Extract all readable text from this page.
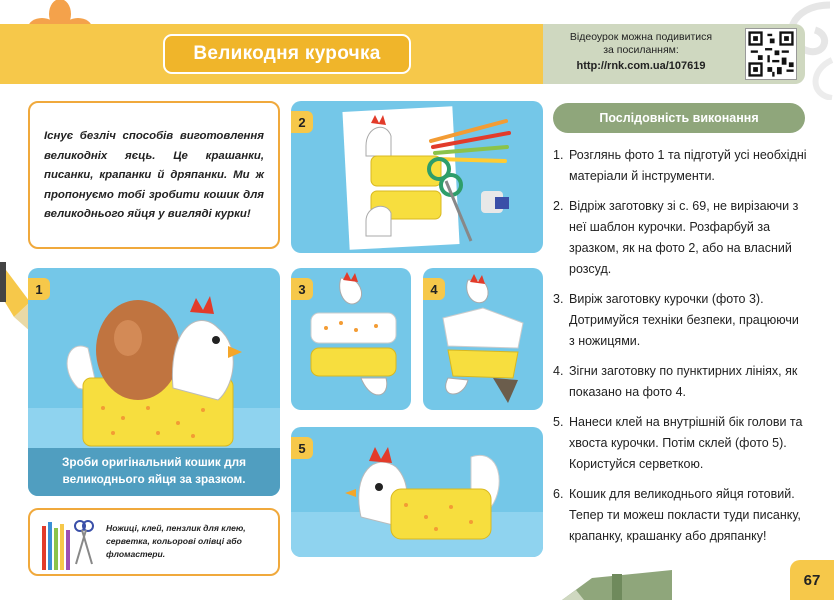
Великодня курочка
Відеоурок можна подивитися
за посиланням:
http://rnk.com.ua/107619

Існує безліч способів виготовлення великодніх яєць. Це крашанки, писанки, крапанки й дряпанки. Ми ж пропонуємо тобі зробити кошик для великоднього яйця у вигляді курки!

1
Зроби оригінальний кошик для великоднього яйця за зразком.
2
3	4
5

Ножиці, клей, пензлик для клею, серветка, кольорові олівці або фломастери.

Послідовність виконання
1. Розглянь фото 1 та підготуй усі необхідні матеріали й інструменти.
2. Відріж заготовку зі с. 69, не вирізаючи з неї шаблон курочки. Розфарбуй за зразком, як на фото 2, або на власний розсуд.
3. Виріж заготовку курочки (фото 3). Дотримуйся техніки безпеки, працюючи з ножицями.
4. Зігни заготовку по пунктирних лініях, як показано на фото 4.
5. Нанеси клей на внутрішній бік голови та хвоста курочки. Потім склей (фото 5). Користуйся серветкою.
6. Кошик для великоднього яйця готовий. Тепер ти можеш покласти туди писанку, крапанку, крашанку або дряпанку!
67
